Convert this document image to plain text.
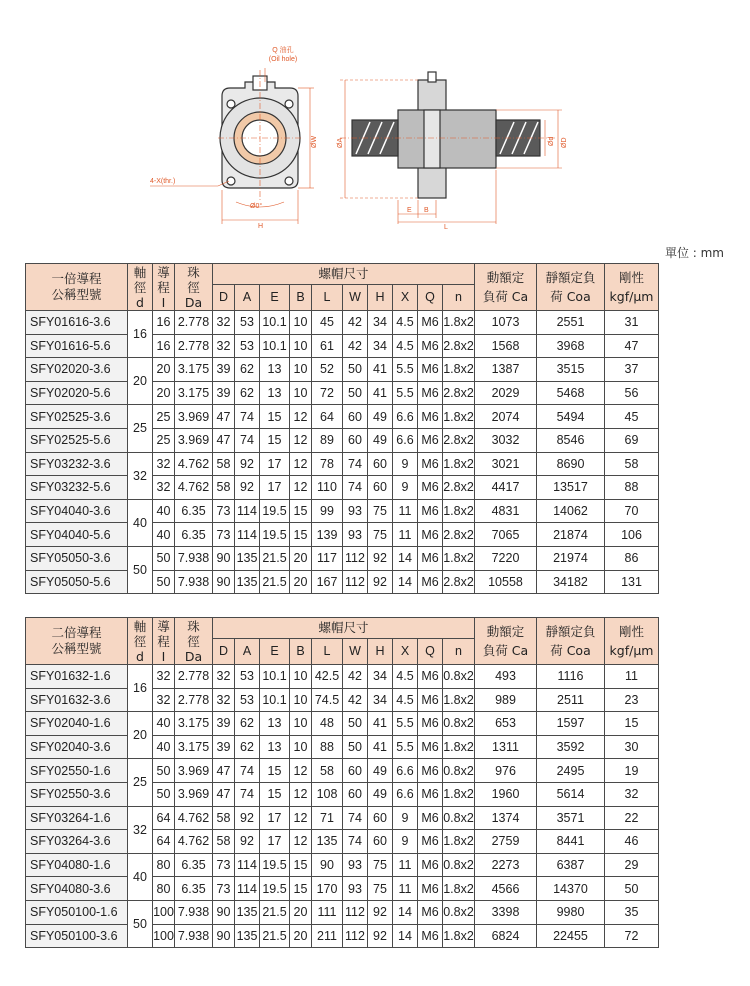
Q 油孔
(Oil hole)
4-X(thr.)
Ø0°
H
ØW	ØA	Ød ØD
E B
L
單位 : mm
一倍導程
公稱型號	軸
徑
d	導
程
I	珠
徑
Da	螺帽尺寸										動額定
負荷 Ca	靜額定負
荷 Coa	剛性
kgf/µm

				D	A	E	B	L	W	H	X	Q	n			
SFY01616-3.6	16	16	2.778	32	53	10.1	10	45	42	34	4.5	M6	1.8x2	1073	2551	31
SFY01616-5.6		16	2.778	32	53	10.1	10	61	42	34	4.5	M6	2.8x2	1568	3968	47
SFY02020-3.6	20	20	3.175	39	62	13	10	52	50	41	5.5	M6	1.8x2	1387	3515	37
SFY02020-5.6		20	3.175	39	62	13	10	72	50	41	5.5	M6	2.8x2	2029	5468	56
SFY02525-3.6	25	25	3.969	47	74	15	12	64	60	49	6.6	M6	1.8x2	2074	5494	45
SFY02525-5.6		25	3.969	47	74	15	12	89	60	49	6.6	M6	2.8x2	3032	8546	69
SFY03232-3.6	32	32	4.762	58	92	17	12	78	74	60	9	M6	1.8x2	3021	8690	58
SFY03232-5.6		32	4.762	58	92	17	12	110	74	60	9	M6	2.8x2	4417	13517	88
SFY04040-3.6	40	40	6.35	73	114	19.5	15	99	93	75	11	M6	1.8x2	4831	14062	70
SFY04040-5.6		40	6.35	73	114	19.5	15	139	93	75	11	M6	2.8x2	7065	21874	106
SFY05050-3.6	50	50	7.938	90	135	21.5	20	117	112	92	14	M6	1.8x2	7220	21974	86
SFY05050-5.6		50	7.938	90	135	21.5	20	167	112	92	14	M6	2.8x2	10558	34182	131
二倍導程
公稱型號	軸
徑
d	導
程
I	珠
徑
Da	螺帽尺寸										動額定
負荷 Ca	靜額定負
荷 Coa	剛性
kgf/µm

				D	A	E	B	L	W	H	X	Q	n			
SFY01632-1.6	16	32	2.778	32	53	10.1	10	42.5	42	34	4.5	M6	0.8x2	493	1116	11
SFY01632-3.6		32	2.778	32	53	10.1	10	74.5	42	34	4.5	M6	1.8x2	989	2511	23
SFY02040-1.6	20	40	3.175	39	62	13	10	48	50	41	5.5	M6	0.8x2	653	1597	15
SFY02040-3.6		40	3.175	39	62	13	10	88	50	41	5.5	M6	1.8x2	1311	3592	30
SFY02550-1.6	25	50	3.969	47	74	15	12	58	60	49	6.6	M6	0.8x2	976	2495	19
SFY02550-3.6		50	3.969	47	74	15	12	108	60	49	6.6	M6	1.8x2	1960	5614	32
SFY03264-1.6	32	64	4.762	58	92	17	12	71	74	60	9	M6	0.8x2	1374	3571	22
SFY03264-3.6		64	4.762	58	92	17	12	135	74	60	9	M6	1.8x2	2759	8441	46
SFY04080-1.6	40	80	6.35	73	114	19.5	15	90	93	75	11	M6	0.8x2	2273	6387	29
SFY04080-3.6		80	6.35	73	114	19.5	15	170	93	75	11	M6	1.8x2	4566	14370	50
SFY050100-1.6	50	100	7.938	90	135	21.5	20	111	112	92	14	M6	0.8x2	3398	9980	35
SFY050100-3.6		100	7.938	90	135	21.5	20	211	112	92	14	M6	1.8x2	6824	22455	72
